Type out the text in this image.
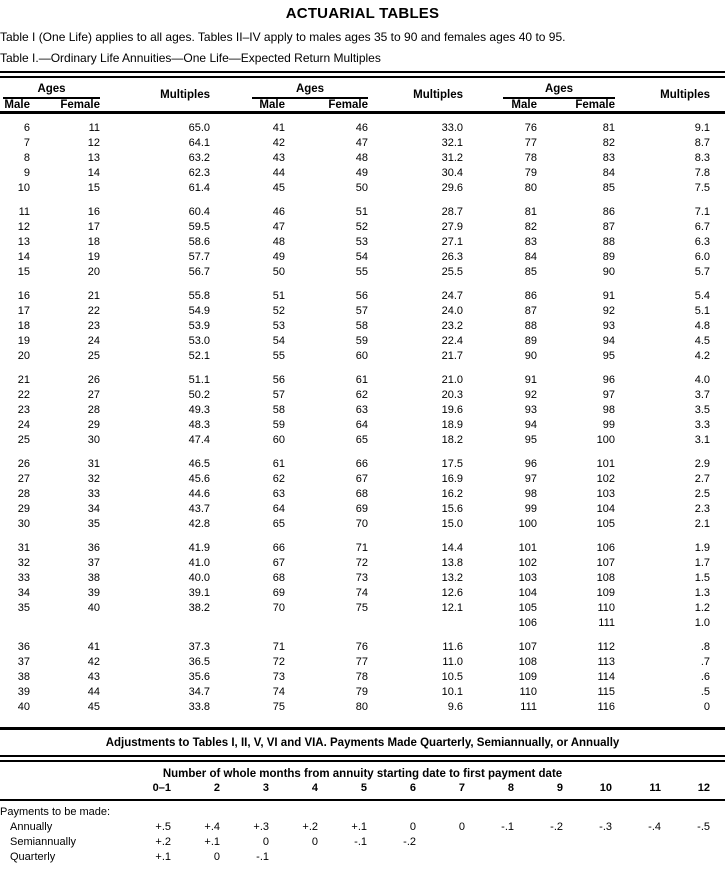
ACTUARIAL TABLES
Table I (One Life) applies to all ages. Tables II–IV apply to males ages 35 to 90 and females ages 40 to 95.
Table I.—Ordinary Life Annuities—One Life—Expected Return Multiples
Ages		Multiples	Ages		Multiples	Ages		Multiples
Male	Female		Male	Female		Male	Female	

6	11	65.0	41	46	33.0	76	81	9.1
7	12	64.1	42	47	32.1	77	82	8.7
8	13	63.2	43	48	31.2	78	83	8.3
9	14	62.3	44	49	30.4	79	84	7.8
10	15	61.4	45	50	29.6	80	85	7.5

11	16	60.4	46	51	28.7	81	86	7.1
12	17	59.5	47	52	27.9	82	87	6.7
13	18	58.6	48	53	27.1	83	88	6.3
14	19	57.7	49	54	26.3	84	89	6.0
15	20	56.7	50	55	25.5	85	90	5.7

16	21	55.8	51	56	24.7	86	91	5.4
17	22	54.9	52	57	24.0	87	92	5.1
18	23	53.9	53	58	23.2	88	93	4.8
19	24	53.0	54	59	22.4	89	94	4.5
20	25	52.1	55	60	21.7	90	95	4.2

21	26	51.1	56	61	21.0	91	96	4.0
22	27	50.2	57	62	20.3	92	97	3.7
23	28	49.3	58	63	19.6	93	98	3.5
24	29	48.3	59	64	18.9	94	99	3.3
25	30	47.4	60	65	18.2	95	100	3.1

26	31	46.5	61	66	17.5	96	101	2.9
27	32	45.6	62	67	16.9	97	102	2.7
28	33	44.6	63	68	16.2	98	103	2.5
29	34	43.7	64	69	15.6	99	104	2.3
30	35	42.8	65	70	15.0	100	105	2.1

31	36	41.9	66	71	14.4	101	106	1.9
32	37	41.0	67	72	13.8	102	107	1.7
33	38	40.0	68	73	13.2	103	108	1.5
34	39	39.1	69	74	12.6	104	109	1.3
35	40	38.2	70	75	12.1	105	110	1.2
						106	111	1.0

36	41	37.3	71	76	11.6	107	112	.8
37	42	36.5	72	77	11.0	108	113	.7
38	43	35.6	73	78	10.5	109	114	.6
39	44	34.7	74	79	10.1	110	115	.5
40	45	33.8	75	80	9.6	111	116	0

Adjustments to Tables I, II, V, VI and VIA. Payments Made Quarterly, Semiannually, or Annually
Number of whole months from annuity starting date to first payment date
	0–1	2	3	4	5	6	7	8	9	10	11	12
Payments to be made:												
Annually	+.5	+.4	+.3	+.2	+.1	0	0	-.1	-.2	-.3	-.4	-.5
Semiannually	+.2	+.1	0	0	-.1	-.2						
Quarterly	+.1	0	-.1									
